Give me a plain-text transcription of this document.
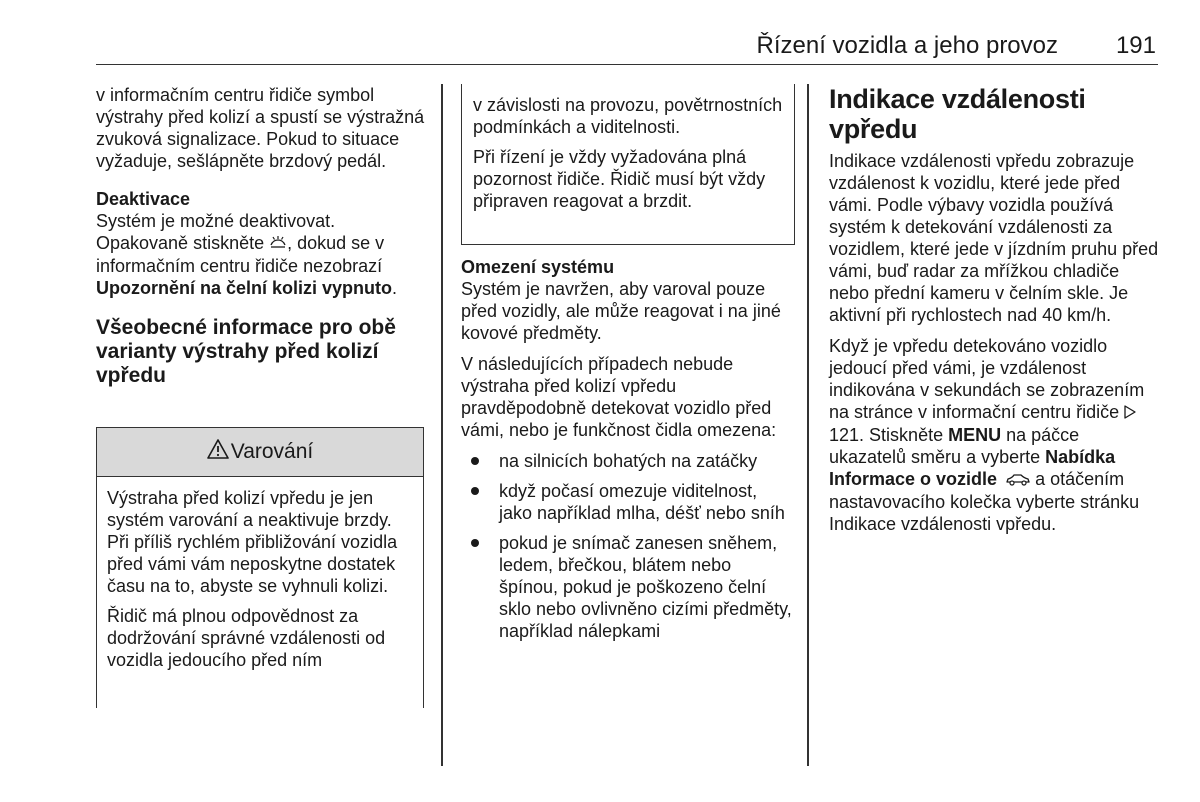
Řízení vozidla a jeho provoz 191

v informačním centru řidiče symbol výstrahy před kolizí a spustí se výstražná zvuková signalizace. Pokud to situace vyžaduje, sešlápněte brzdový pedál.

Deaktivace

Systém je možné deaktivovat. Opakovaně stiskněte , dokud se v informačním centru řidiče nezobrazí Upozornění na čelní kolizi vypnuto.

Všeobecné informace pro obě varianty výstrahy před kolizí vpředu
Varování

Výstraha před kolizí vpředu je jen systém varování a neaktivuje brzdy. Při příliš rychlém přibližování vozidla před vámi vám neposkytne dostatek času na to, abyste se vyhnuli kolizi.

Řidič má plnou odpovědnost za dodržování správné vzdálenosti od vozidla jedoucího před ním

v závislosti na provozu, povětrnostních podmínkách a viditelnosti.

Při řízení je vždy vyžadována plná pozornost řidiče. Řidič musí být vždy připraven reagovat a brzdit.

Omezení systému

Systém je navržen, aby varoval pouze před vozidly, ale může reagovat i na jiné kovové předměty.

V následujících případech nebude výstraha před kolizí vpředu pravděpodobně detekovat vozidlo před vámi, nebo je funkčnost čidla omezena:

na silnicích bohatých na zatáčky
když počasí omezuje viditelnost, jako například mlha, déšť nebo sníh
pokud je snímač zanesen sněhem, ledem, břečkou, blátem nebo špínou, pokud je poškozeno čelní sklo nebo ovlivněno cizími předměty, například nálepkami
Indikace vzdálenosti vpředu

Indikace vzdálenosti vpředu zobrazuje vzdálenost k vozidlu, které jede před vámi. Podle výbavy vozidla používá systém k detekování vzdálenosti za vozidlem, které jede v jízdním pruhu před vámi, buď radar za mřížkou chladiče nebo přední kameru v čelním skle. Je aktivní při rychlostech nad 40 km/h.

Když je vpředu detekováno vozidlo jedoucí před vámi, je vzdálenost indikována v sekundách se zobrazením na stránce v informační centru řidiče  121. Stiskněte MENU na páčce ukazatelů směru a vyberte Nabídka Informace o vozidle a otáčením nastavovacího kolečka vyberte stránku Indikace vzdálenosti vpředu.
